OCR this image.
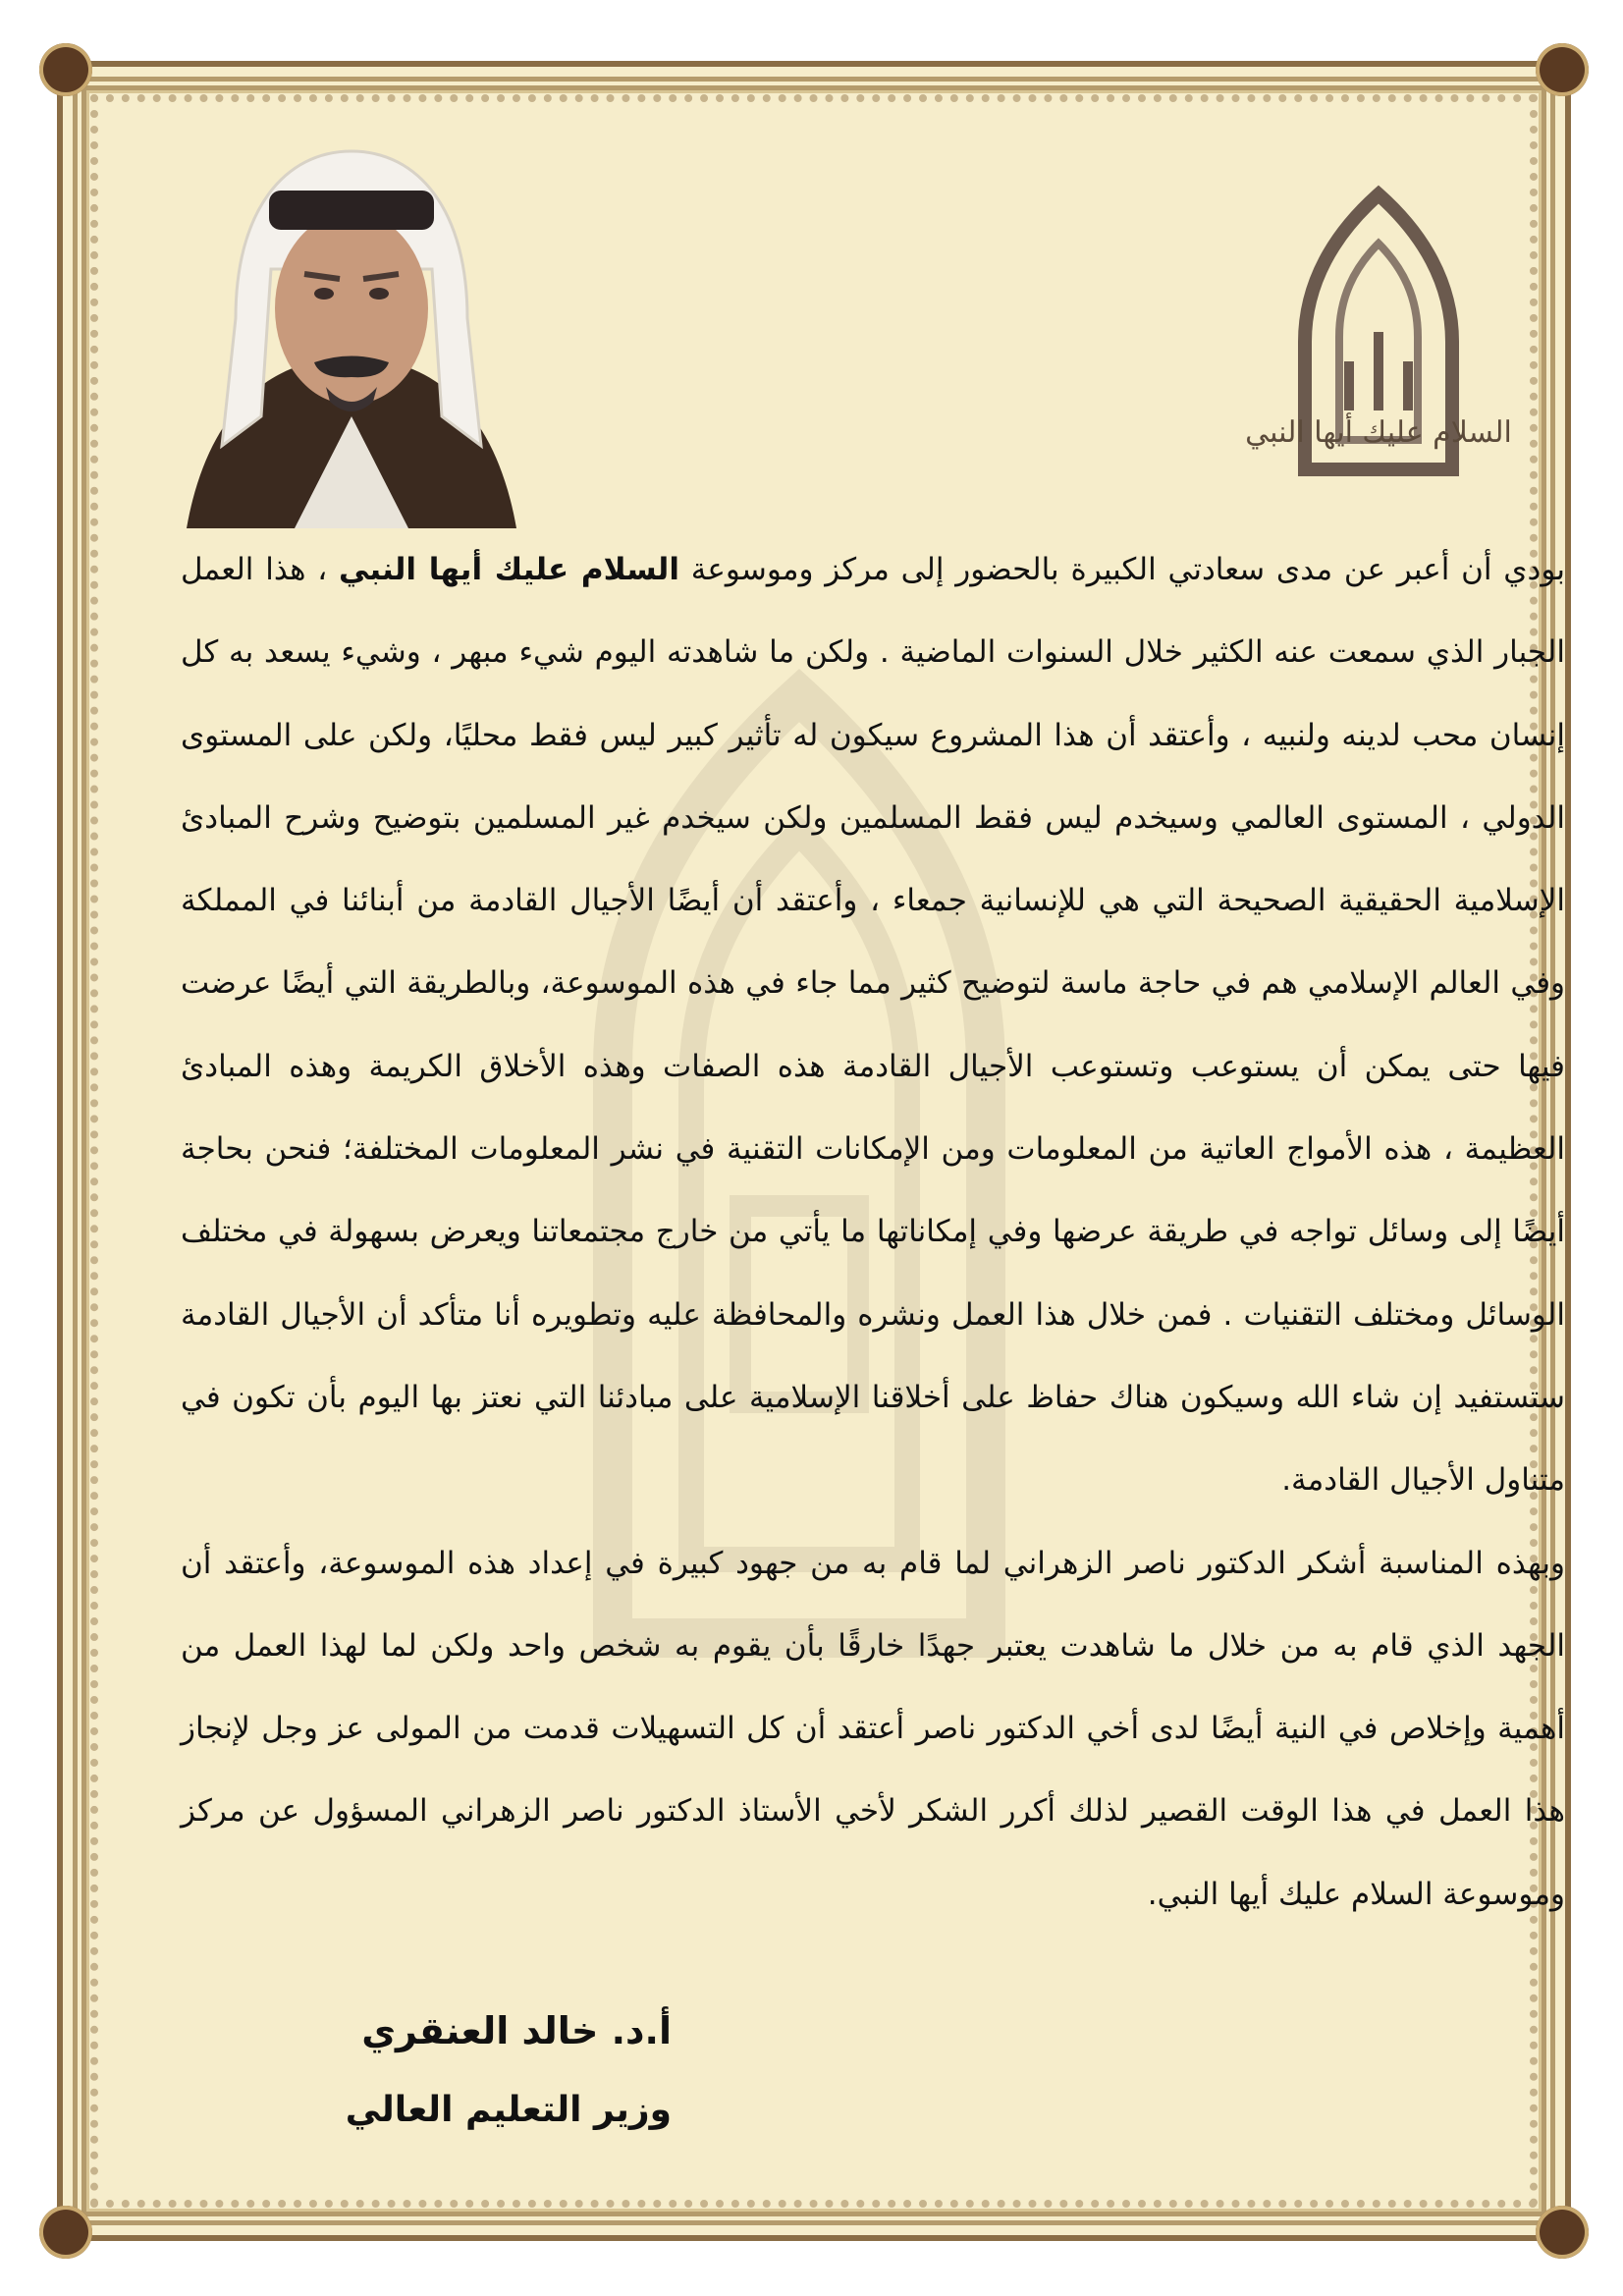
السلام عليك أيها النبي

بودي أن أعبر عن مدى سعادتي الكبيرة بالحضور إلى مركز وموسوعة السلام عليك أيها النبي ، هذا العمل الجبار الذي سمعت عنه الكثير خلال السنوات الماضية . ولكن ما شاهدته اليوم شيء مبهر ، وشيء يسعد به كل إنسان محب لدينه ولنبيه ، وأعتقد أن هذا المشروع سيكون له تأثير كبير ليس فقط محليًا، ولكن على المستوى الدولي ، المستوى العالمي وسيخدم ليس فقط المسلمين ولكن سيخدم غير المسلمين بتوضيح وشرح المبادئ الإسلامية الحقيقية الصحيحة التي هي للإنسانية جمعاء ، وأعتقد أن أيضًا الأجيال القادمة من أبنائنا في المملكة وفي العالم الإسلامي هم في حاجة ماسة لتوضيح كثير مما جاء في هذه الموسوعة، وبالطريقة التي أيضًا عرضت فيها حتى يمكن أن يستوعب وتستوعب الأجيال القادمة هذه الصفات وهذه الأخلاق الكريمة وهذه المبادئ العظيمة ، هذه الأمواج العاتية من المعلومات ومن الإمكانات التقنية في نشر المعلومات المختلفة؛ فنحن بحاجة أيضًا إلى وسائل تواجه في طريقة عرضها وفي إمكاناتها ما يأتي من خارج مجتمعاتنا ويعرض بسهولة في مختلف الوسائل ومختلف التقنيات . فمن خلال هذا العمل ونشره والمحافظة عليه وتطويره أنا متأكد أن الأجيال القادمة ستستفيد إن شاء الله وسيكون هناك حفاظ على أخلاقنا الإسلامية على مبادئنا التي نعتز بها اليوم بأن تكون في متناول الأجيال القادمة.

وبهذه المناسبة أشكر الدكتور ناصر الزهراني لما قام به من جهود كبيرة في إعداد هذه الموسوعة، وأعتقد أن الجهد الذي قام به من خلال ما شاهدت يعتبر جهدًا خارقًا بأن يقوم به شخص واحد ولكن لما لهذا العمل من أهمية وإخلاص في النية أيضًا لدى أخي الدكتور ناصر أعتقد أن كل التسهيلات قدمت من المولى عز وجل لإنجاز هذا العمل في هذا الوقت القصير لذلك أكرر الشكر لأخي الأستاذ الدكتور ناصر الزهراني المسؤول عن مركز وموسوعة السلام عليك أيها النبي.

أ.د. خالد العنقري
وزير التعليم العالي
